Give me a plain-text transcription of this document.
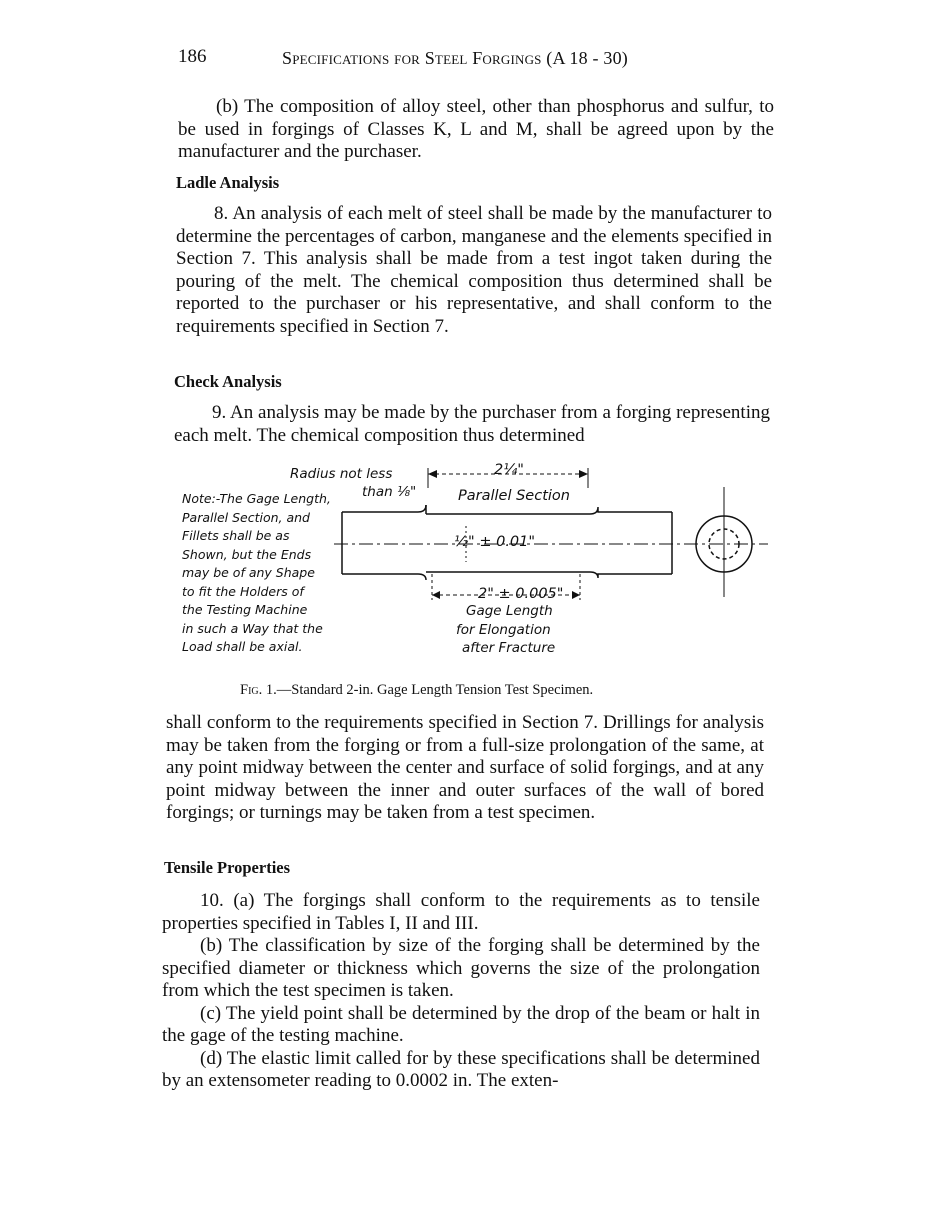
186	Specifications for Steel Forgings (A 18 - 30)

(b) The composition of alloy steel, other than phosphorus and sulfur, to be used in forgings of Classes K, L and M, shall be agreed upon by the manufacturer and the purchaser.

Ladle Analysis

8. An analysis of each melt of steel shall be made by the manufacturer to determine the percentages of carbon, manganese and the elements specified in Section 7. This analysis shall be made from a test ingot taken during the pouring of the melt. The chemical composition thus determined shall be reported to the purchaser or his representative, and shall conform to the requirements specified in Section 7.

Check Analysis

9. An analysis may be made by the purchaser from a forging representing each melt. The chemical composition thus determined

Note:-The Gage Length,

Parallel Section, and

Fillets shall be as

Shown, but the Ends

may be of any Shape

to fit the Holders of

the Testing Machine

in such a Way that the

Load shall be axial.

Radius not less
than ⅛"
2¼"
Parallel Section
½" ± 0.01"
2" ± 0.005"
Gage Length
for Elongation
after Fracture
Fig. 1.—Standard 2-in. Gage Length Tension Test Specimen.

shall conform to the requirements specified in Section 7. Drillings for analysis may be taken from the forging or from a full-size prolongation of the same, at any point midway between the center and surface of solid forgings, and at any point midway between the inner and outer surfaces of the wall of bored forgings; or turnings may be taken from a test specimen.

Tensile Properties

10. (a) The forgings shall conform to the requirements as to tensile properties specified in Tables I, II and III.

(b) The classification by size of the forging shall be determined by the specified diameter or thickness which governs the size of the prolongation from which the test specimen is taken.

(c) The yield point shall be determined by the drop of the beam or halt in the gage of the testing machine.

(d) The elastic limit called for by these specifications shall be determined by an extensometer reading to 0.0002 in. The exten-
